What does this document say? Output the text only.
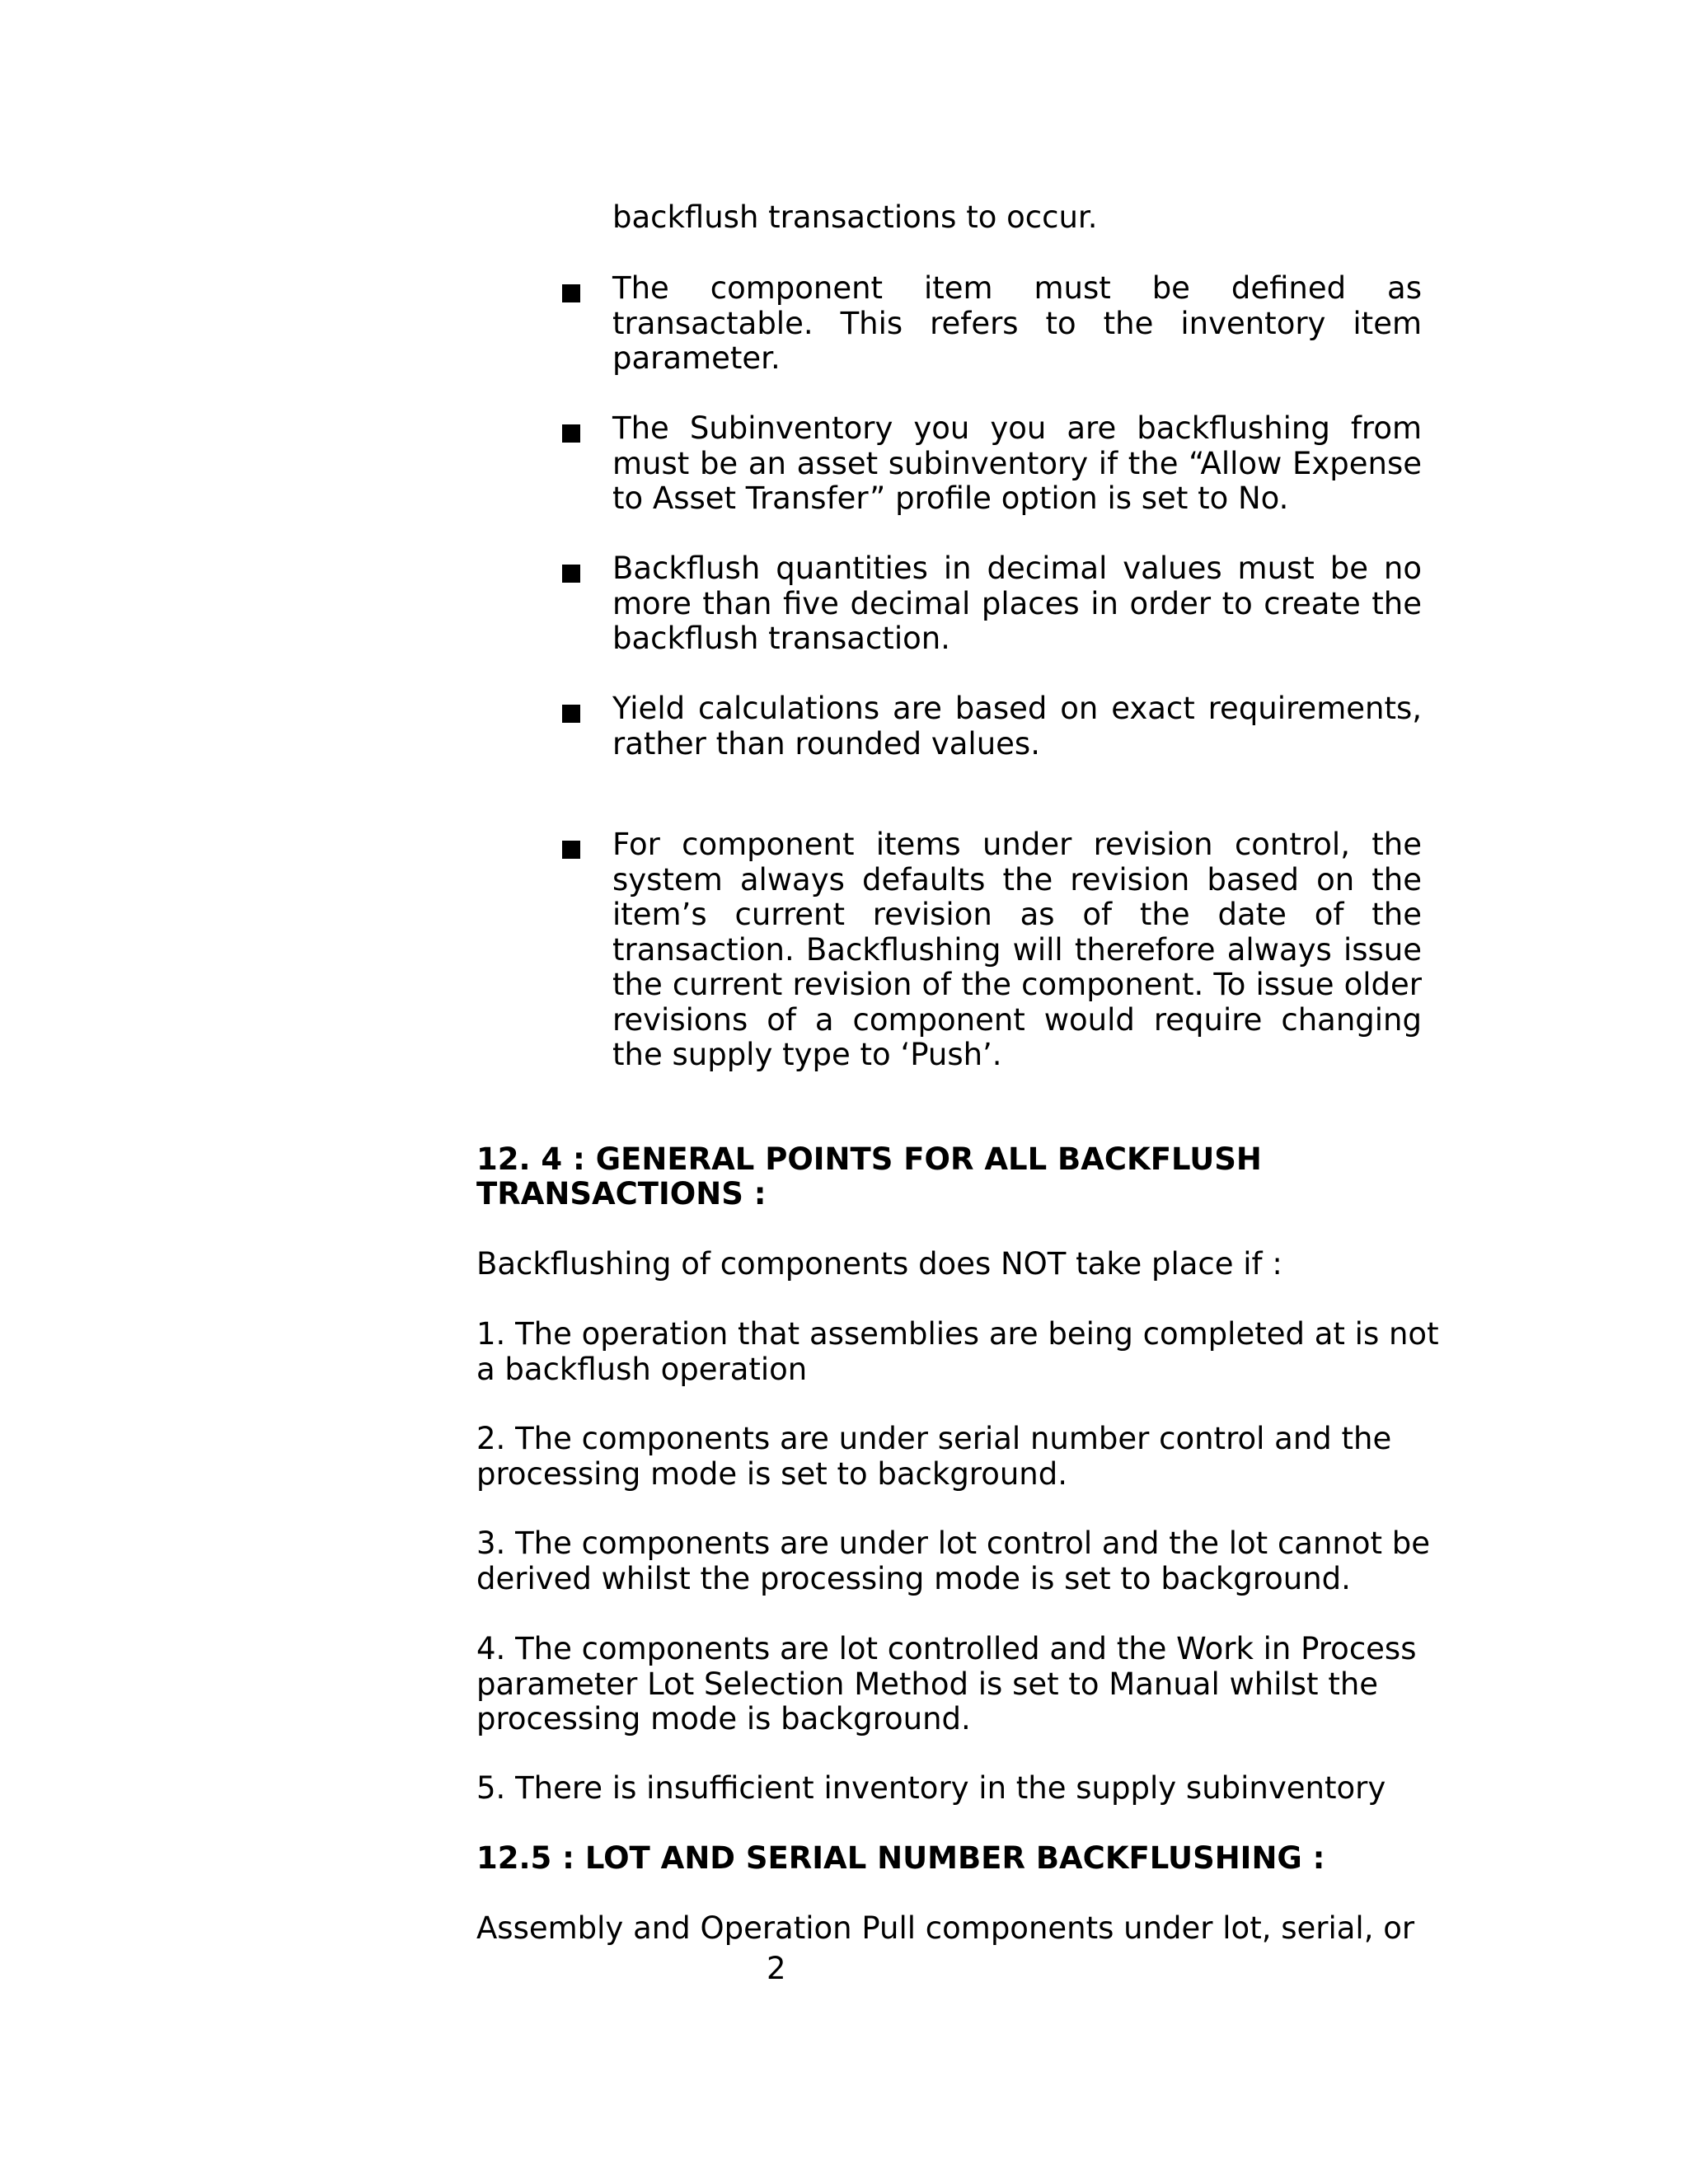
backflush transactions to occur.

The component item must be defined as transactable. This refers to the inventory item parameter.

The Subinventory you you are backflushing from must be an asset subinventory if the “Allow Expense to Asset Transfer” profile option is set to No.

Backflush quantities in decimal values must be no more than five decimal places in order to create the backflush transaction.

Yield calculations are based on exact requirements, rather than rounded values.

For component items under revision control, the system always defaults the revision based on the item’s current revision as of the date of the transaction. Backflushing will therefore always issue the current revision of the component. To issue older revisions of a component would require changing the supply type to ‘Push’.

12. 4 : GENERAL POINTS FOR ALL BACKFLUSH

TRANSACTIONS :

Backflushing of components does NOT take place if :

1. The operation that assemblies are being completed at is not a backflush operation

2. The components are under serial number control and the processing mode is set to background.

3. The components are under lot control and the lot cannot be derived whilst the processing mode is set to background.

4. The components are lot controlled and the Work in Process parameter Lot Selection Method is set to Manual whilst the processing mode is background.

5. There is insufficient inventory in the supply subinventory

12.5 : LOT AND SERIAL NUMBER BACKFLUSHING :

Assembly and Operation Pull components under lot, serial, or

2
